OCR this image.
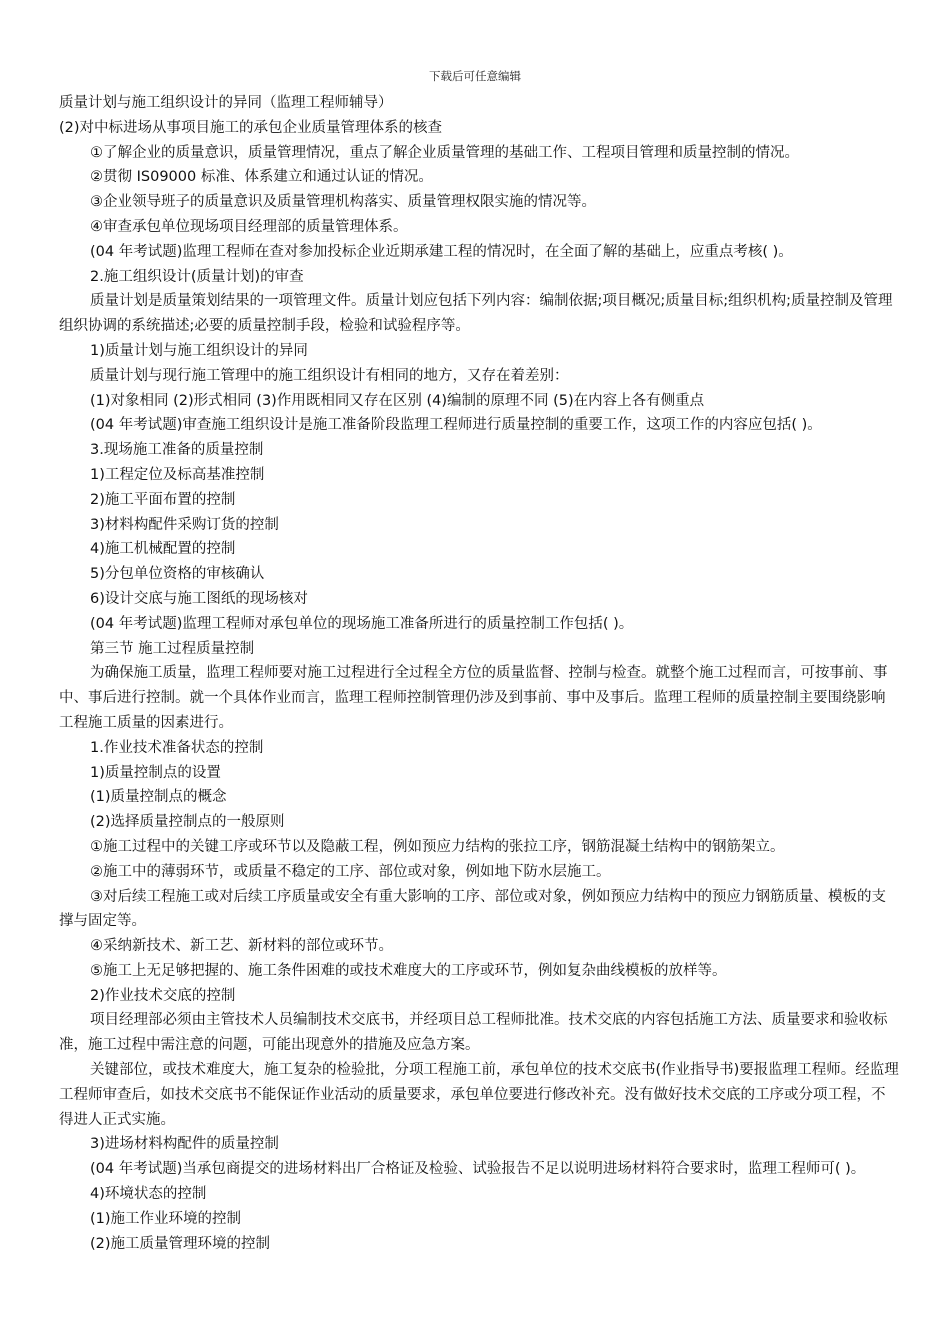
下载后可任意编辑

质量计划与施工组织设计的异同（监理工程师辅导）

(2)对中标进场从事项目施工的承包企业质量管理体系的核查

①了解企业的质量意识，质量管理情况，重点了解企业质量管理的基础工作、工程项目管理和质量控制的情况。

②贯彻 IS09000 标准、体系建立和通过认证的情况。

③企业领导班子的质量意识及质量管理机构落实、质量管理权限实施的情况等。

④审查承包单位现场项目经理部的质量管理体系。

(04 年考试题)监理工程师在查对参加投标企业近期承建工程的情况时，在全面了解的基础上，应重点考核( )。

2.施工组织设计(质量计划)的审查

质量计划是质量策划结果的一项管理文件。质量计划应包括下列内容：编制依据;项目概况;质量目标;组织机构;质量控制及管理组织协调的系统描述;必要的质量控制手段，检验和试验程序等。

1)质量计划与施工组织设计的异同

质量计划与现行施工管理中的施工组织设计有相同的地方，又存在着差别：

(1)对象相同 (2)形式相同 (3)作用既相同又存在区别 (4)编制的原理不同 (5)在内容上各有侧重点

(04 年考试题)审查施工组织设计是施工准备阶段监理工程师进行质量控制的重要工作，这项工作的内容应包括( )。

3.现场施工准备的质量控制

1)工程定位及标高基准控制

2)施工平面布置的控制

3)材料构配件采购订货的控制

4)施工机械配置的控制

5)分包单位资格的审核确认

6)设计交底与施工图纸的现场核对

(04 年考试题)监理工程师对承包单位的现场施工准备所进行的质量控制工作包括( )。

第三节 施工过程质量控制

为确保施工质量，监理工程师要对施工过程进行全过程全方位的质量监督、控制与检查。就整个施工过程而言，可按事前、事中、事后进行控制。就一个具体作业而言，监理工程师控制管理仍涉及到事前、事中及事后。监理工程师的质量控制主要围绕影响工程施工质量的因素进行。

1.作业技术准备状态的控制

1)质量控制点的设置

(1)质量控制点的概念

(2)选择质量控制点的一般原则

①施工过程中的关键工序或环节以及隐蔽工程，例如预应力结构的张拉工序，钢筋混凝土结构中的钢筋架立。

②施工中的薄弱环节，或质量不稳定的工序、部位或对象，例如地下防水层施工。

③对后续工程施工或对后续工序质量或安全有重大影响的工序、部位或对象，例如预应力结构中的预应力钢筋质量、模板的支撑与固定等。

④采纳新技术、新工艺、新材料的部位或环节。

⑤施工上无足够把握的、施工条件困难的或技术难度大的工序或环节，例如复杂曲线模板的放样等。

2)作业技术交底的控制

项目经理部必须由主管技术人员编制技术交底书，并经项目总工程师批准。技术交底的内容包括施工方法、质量要求和验收标准，施工过程中需注意的问题，可能出现意外的措施及应急方案。

关键部位，或技术难度大，施工复杂的检验批，分项工程施工前，承包单位的技术交底书(作业指导书)要报监理工程师。经监理工程师审查后，如技术交底书不能保证作业活动的质量要求，承包单位要进行修改补充。没有做好技术交底的工序或分项工程，不得进人正式实施。

3)进场材料构配件的质量控制

(04 年考试题)当承包商提交的进场材料出厂合格证及检验、试验报告不足以说明进场材料符合要求时，监理工程师可( )。

4)环境状态的控制

(1)施工作业环境的控制

(2)施工质量管理环境的控制
